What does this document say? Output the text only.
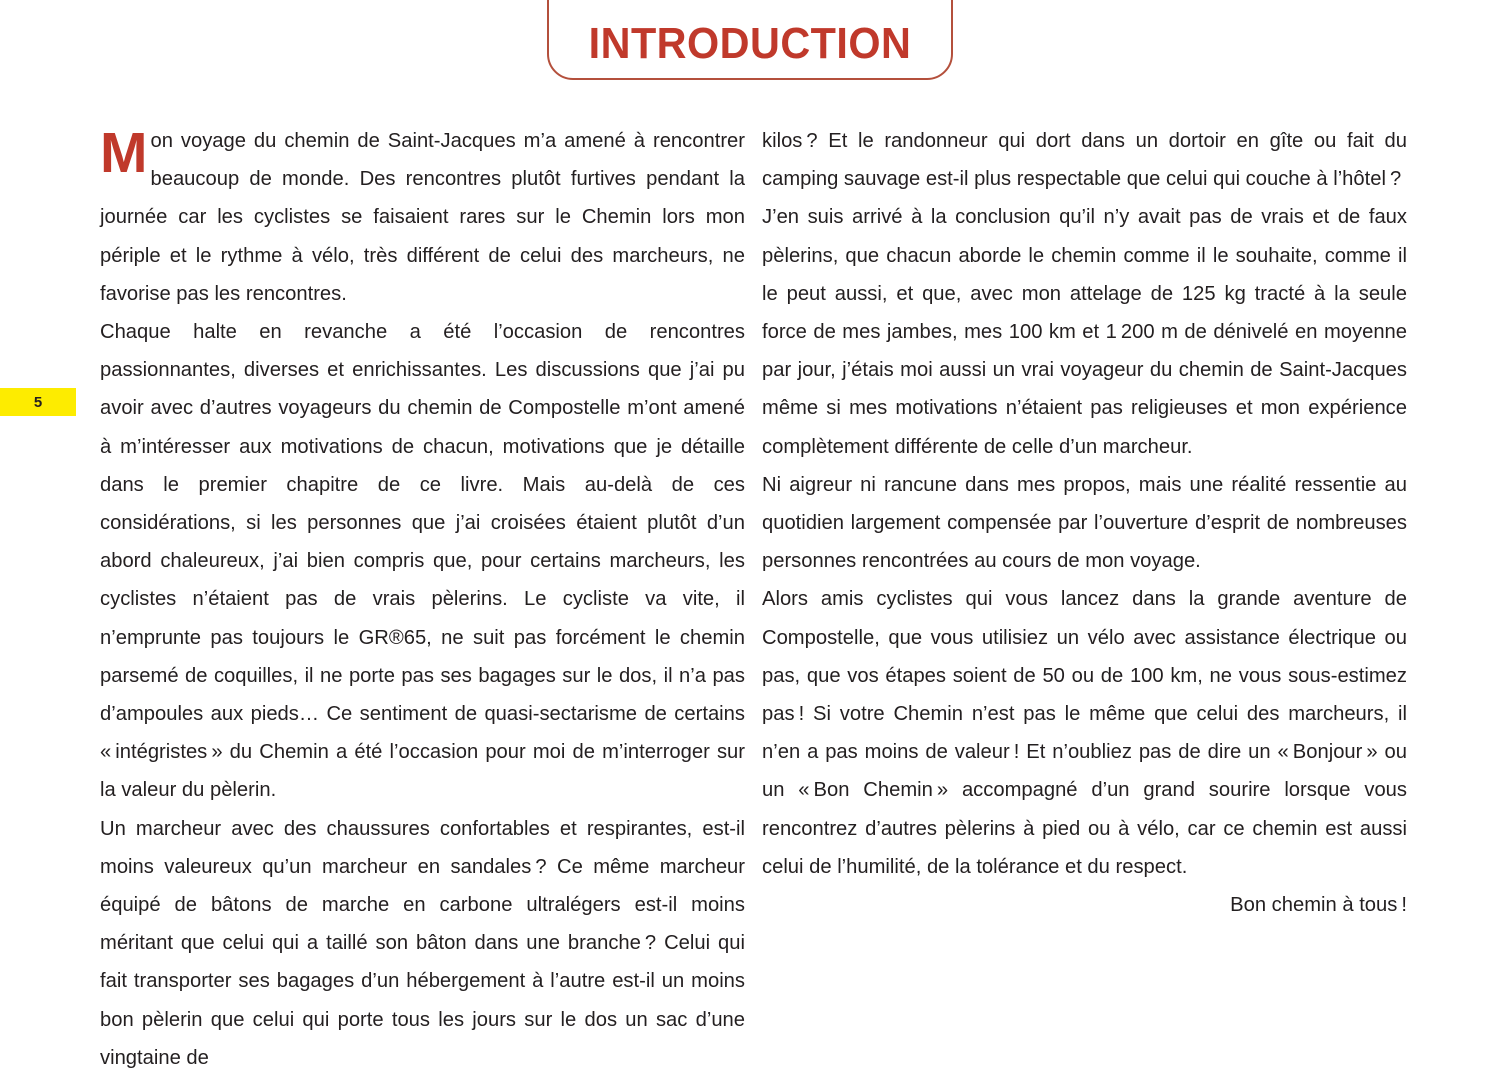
INTRODUCTION
5

Mon voyage du chemin de Saint-Jacques m’a amené à rencontrer beaucoup de monde. Des rencontres plutôt furtives pendant la journée car les cyclistes se faisaient rares sur le Chemin lors mon périple et le rythme à vélo, très différent de celui des marcheurs, ne favorise pas les rencontres.

Chaque halte en revanche a été l’occasion de rencontres passionnantes, diverses et enrichissantes. Les discussions que j’ai pu avoir avec d’autres voyageurs du chemin de Compostelle m’ont amené à m’intéresser aux motivations de chacun, motivations que je détaille dans le premier chapitre de ce livre. Mais au-delà de ces considérations, si les personnes que j’ai croisées étaient plutôt d’un abord chaleureux, j’ai bien compris que, pour certains marcheurs, les cyclistes n’étaient pas de vrais pèlerins. Le cycliste va vite, il n’emprunte pas toujours le GR®65, ne suit pas forcément le chemin parsemé de coquilles, il ne porte pas ses bagages sur le dos, il n’a pas d’ampoules aux pieds… Ce sentiment de quasi-sectarisme de certains « intégristes » du Chemin a été l’occasion pour moi de m’interroger sur la valeur du pèlerin.

Un marcheur avec des chaussures confortables et respirantes, est-il moins valeureux qu’un marcheur en sandales ? Ce même marcheur équipé de bâtons de marche en carbone ultralégers est-il moins méritant que celui qui a taillé son bâton dans une branche ? Celui qui fait transporter ses bagages d’un hébergement à l’autre est-il un moins bon pèlerin que celui qui porte tous les jours sur le dos un sac d’une vingtaine de

kilos ? Et le randonneur qui dort dans un dortoir en gîte ou fait du camping sauvage est-il plus respectable que celui qui couche à l’hôtel ?

J’en suis arrivé à la conclusion qu’il n’y avait pas de vrais et de faux pèlerins, que chacun aborde le chemin comme il le souhaite, comme il le peut aussi, et que, avec mon attelage de 125 kg tracté à la seule force de mes jambes, mes 100 km et 1 200 m de dénivelé en moyenne par jour, j’étais moi aussi un vrai voyageur du chemin de Saint-Jacques même si mes motivations n’étaient pas religieuses et mon expérience complètement différente de celle d’un marcheur.

Ni aigreur ni rancune dans mes propos, mais une réalité ressentie au quotidien largement compensée par l’ouverture d’esprit de nombreuses personnes rencontrées au cours de mon voyage.

Alors amis cyclistes qui vous lancez dans la grande aventure de Compostelle, que vous utilisiez un vélo avec assistance électrique ou pas, que vos étapes soient de 50 ou de 100 km, ne vous sous-estimez pas ! Si votre Chemin n’est pas le même que celui des marcheurs, il n’en a pas moins de valeur ! Et n’oubliez pas de dire un « Bonjour » ou un « Bon Chemin » accompagné d’un grand sourire lorsque vous rencontrez d’autres pèlerins à pied ou à vélo, car ce chemin est aussi celui de l’humilité, de la tolérance et du respect.

Bon chemin à tous !
